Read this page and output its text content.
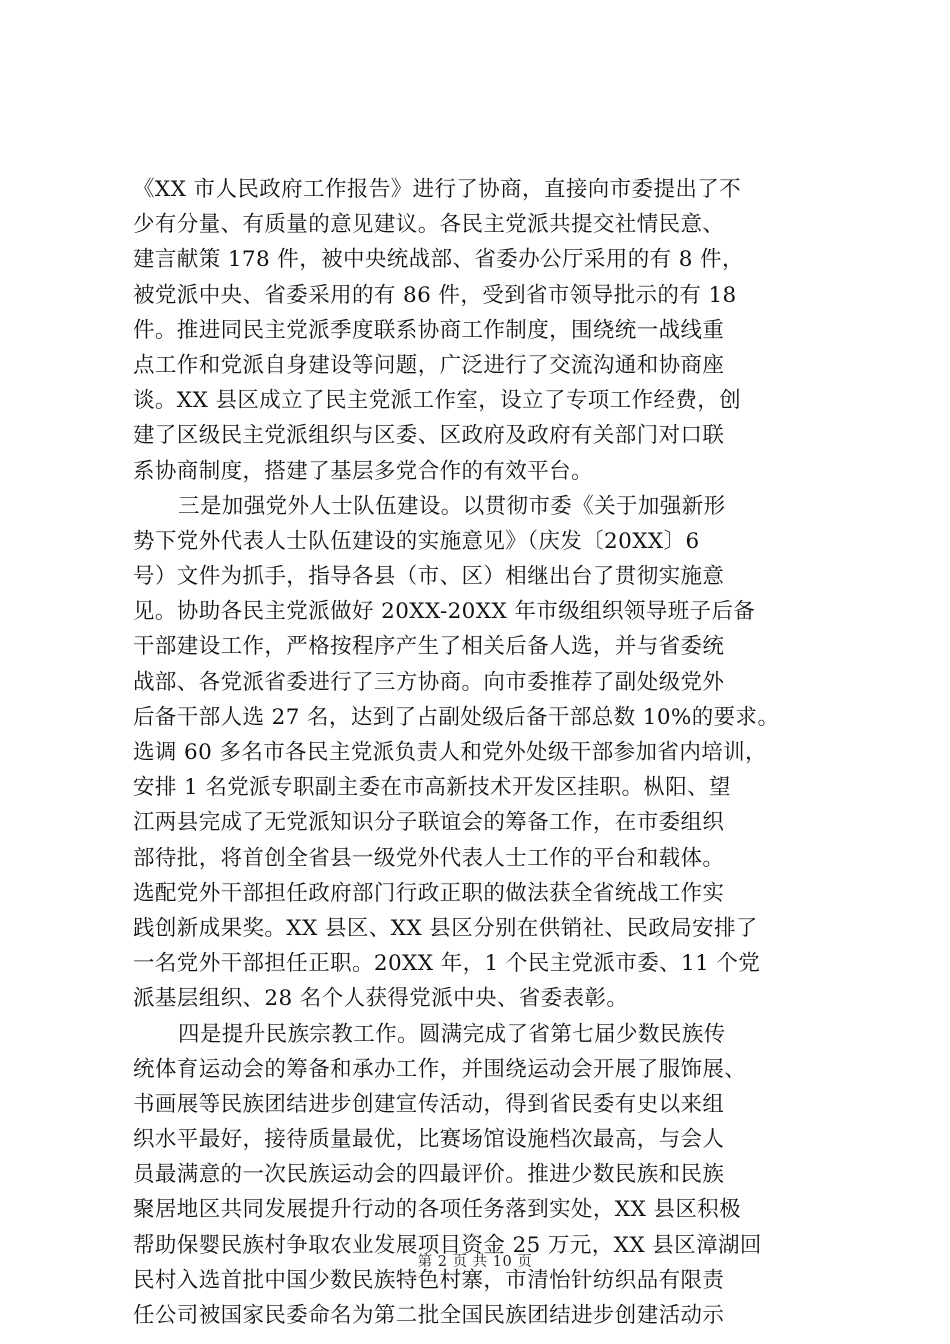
《XX 市人民政府工作报告》进行了协商，直接向市委提出了不
少有分量、有质量的意见建议。各民主党派共提交社情民意、
建言献策 178 件，被中央统战部、省委办公厅采用的有 8 件，
被党派中央、省委采用的有 86 件，受到省市领导批示的有 18
件。推进同民主党派季度联系协商工作制度，围绕统一战线重
点工作和党派自身建设等问题，广泛进行了交流沟通和协商座
谈。XX 县区成立了民主党派工作室，设立了专项工作经费，创
建了区级民主党派组织与区委、区政府及政府有关部门对口联
系协商制度，搭建了基层多党合作的有效平台。
三是加强党外人士队伍建设。以贯彻市委《关于加强新形
势下党外代表人士队伍建设的实施意见》（庆发〔20XX〕6
号）文件为抓手，指导各县（市、区）相继出台了贯彻实施意
见。协助各民主党派做好 20XX-20XX 年市级组织领导班子后备
干部建设工作，严格按程序产生了相关后备人选，并与省委统
战部、各党派省委进行了三方协商。向市委推荐了副处级党外
后备干部人选 27 名，达到了占副处级后备干部总数 10%的要求。
选调 60 多名市各民主党派负责人和党外处级干部参加省内培训，
安排 1 名党派专职副主委在市高新技术开发区挂职。枞阳、望
江两县完成了无党派知识分子联谊会的筹备工作，在市委组织
部待批，将首创全省县一级党外代表人士工作的平台和载体。
选配党外干部担任政府部门行政正职的做法获全省统战工作实
践创新成果奖。XX 县区、XX 县区分别在供销社、民政局安排了
一名党外干部担任正职。20XX 年，1 个民主党派市委、11 个党
派基层组织、28 名个人获得党派中央、省委表彰。
四是提升民族宗教工作。圆满完成了省第七届少数民族传
统体育运动会的筹备和承办工作，并围绕运动会开展了服饰展、
书画展等民族团结进步创建宣传活动，得到省民委有史以来组
织水平最好，接待质量最优，比赛场馆设施档次最高，与会人
员最满意的一次民族运动会的四最评价。推进少数民族和民族
聚居地区共同发展提升行动的各项任务落到实处，XX 县区积极
帮助保婴民族村争取农业发展项目资金 25 万元，XX 县区漳湖回
民村入选首批中国少数民族特色村寨，市清怡针纺织品有限责
任公司被国家民委命名为第二批全国民族团结进步创建活动示
第 2 页 共 10 页
